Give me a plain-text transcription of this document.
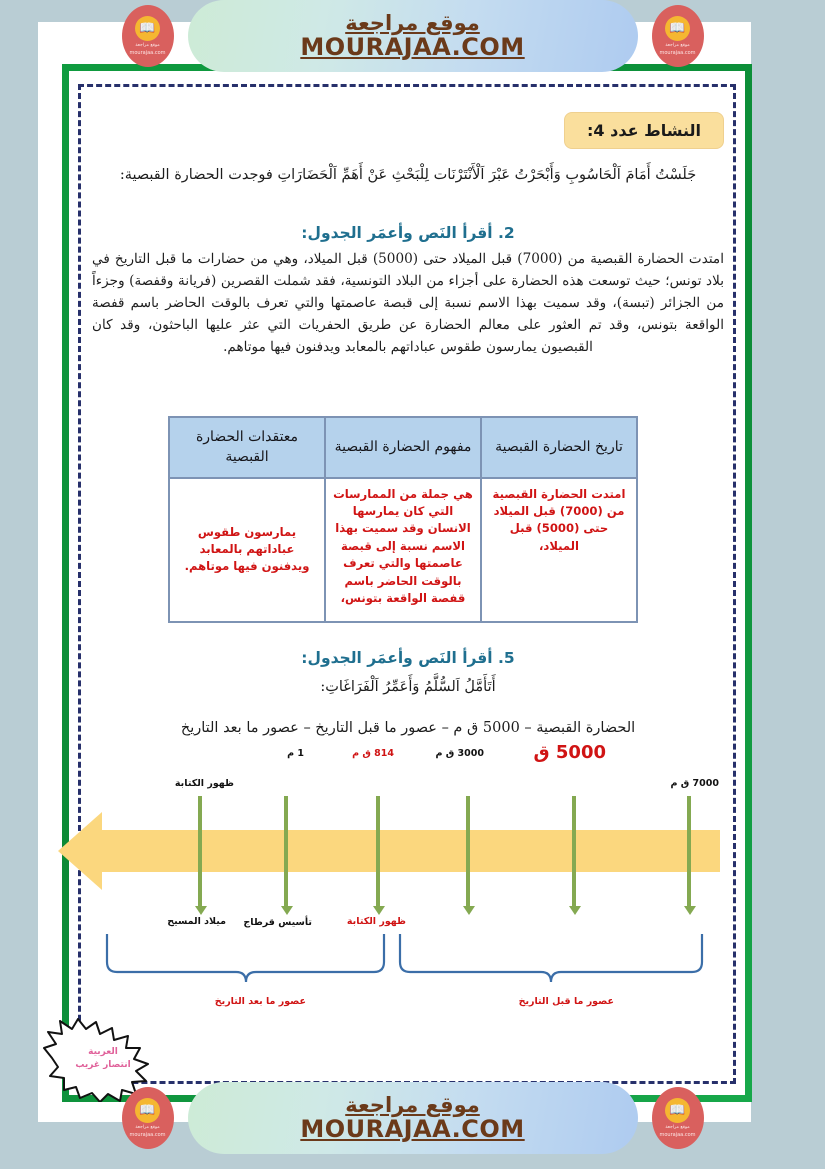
📖
موقع مراجعة
mourajaa.com
موقع مراجعة
MOURAJAA.COM
📖
موقع مراجعة
mourajaa.com
النشاط عدد 4:
جَلَسْتُ أَمَامَ اَلْحَاسُوبِ وَأَبْحَرْتُ عَبْرَ اَلْأَنْتَرْنَات لِلْبَحْثِ عَنْ أَهَمِّ اَلْحَضَارَاتِ فوجدت الحضارة القبصية:
2. أقرأ النَص وأعمَر الجدول:
امتدت الحضارة القبصية من (7000) قبل الميلاد حتى (5000) قبل الميلاد، وهي من حضارات ما قبل التاريخ في بلاد تونس؛ حيث توسعت هذه الحضارة على أجزاء من البلاد التونسية، فقد شملت القصرين (فريانة وقفصة) وجزءاً من الجزائر (تبسة)، وقد سميت بهذا الاسم نسبة إلى قبصة عاصمتها والتي تعرف بالوقت الحاضر باسم قفصة الواقعة بتونس، وقد تم العثور على معالم الحضارة عن طريق الحفريات التي عثر عليها الباحثون، وقد كان القبصيون يمارسون طقوس عباداتهم بالمعابد ويدفنون فيها موتاهم.
تاريخ الحضارة القبصية	مفهوم الحضارة القبصية	معتقدات الحضارة القبصية
امتدت الحضارة القبصية من (7000) قبل الميلاد حتى (5000) قبل الميلاد،	هي جملة من الممارسات التي كان يمارسها الانسان وقد سميت بهذا الاسم نسبة إلى قبصة عاصمتها والتي تعرف بالوقت الحاضر باسم قفصة الواقعة بتونس،	يمارسون طقوس عباداتهم بالمعابد ويدفنون فيها موتاهم.
5. أقرأ النَص وأعمَر الجدول:
أَتَأَمَّلُ اَلسُّلَّمُ وَأَعَمِّرُ اَلْفَرَاغَاتِ:
الحضارة القبصية – 5000 ق م – عصور ما قبل التاريخ – عصور ما بعد التاريخ
5000 ق
3000 ق م
814 ق م
1 م
7000 ق م
ظهور الكتابة
ظهور الكتابة
تأسيس قرطاج
ميلاد المسيح
عصور ما قبل التاريخ
عصور ما بعد التاريخ
العربية
انتصار غريب
📖
موقع مراجعة
mourajaa.com
موقع مراجعة
MOURAJAA.COM
📖
موقع مراجعة
mourajaa.com
